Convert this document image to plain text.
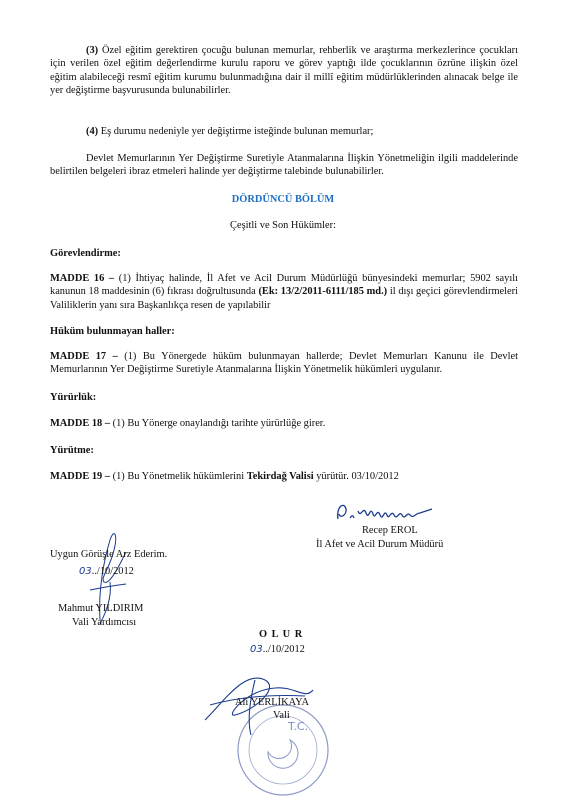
(3) Özel eğitim gerektiren çocuğu bulunan memurlar, rehberlik ve araştırma merkezlerince çocukları için verilen özel eğitim değerlendirme kurulu raporu ve görev yaptığı ilde çocuklarının özrüne ilişkin özel eğitim alabileceği resmî eğitim kurumu bulunmadığına dair il millî eğitim müdürlüklerinden alınacak belge ile yer değiştirme başvurusunda bulunabilirler.
(4) Eş durumu nedeniyle yer değiştirme isteğinde bulunan memurlar;
Devlet Memurlarının Yer Değiştirme Suretiyle Atanmalarına İlişkin Yönetmeliğin ilgili maddelerinde belirtilen belgeleri ibraz etmeleri halinde yer değiştirme talebinde bulunabilirler.
DÖRDÜNCÜ BÖLÜM
Çeşitli ve Son Hükümler:
Görevlendirme:
MADDE 16 – (1) İhtiyaç halinde, İl Afet ve Acil Durum Müdürlüğü bünyesindeki memurlar; 5902 sayılı kanunun 18 maddesinin (6) fıkrası doğrultusunda (Ek: 13/2/2011-6111/185 md.) il dışı geçici görevlendirmeleri Valiliklerin yanı sıra Başkanlıkça resen de yapılabilir
Hüküm bulunmayan haller:
MADDE 17 – (1) Bu Yönergede hüküm bulunmayan hallerde; Devlet Memurları Kanunu ile Devlet Memurlarının Yer Değiştirme Suretiyle Atanmalarına İlişkin Yönetmelik hükümleri uygulanır.
Yürürlük:
MADDE 18 – (1) Bu Yönerge onaylandığı tarihte yürürlüğe girer.
Yürütme:
MADDE 19 – (1) Bu Yönetmelik hükümlerini Tekirdağ Valisi yürütür. 03/10/2012
Recep EROL
İl Afet ve Acil Durum Müdürü
Uygun Görüşle Arz Ederim.
03../10/2012
Mahmut YILDIRIM
Vali Yardımcısı
O L U R
03../10/2012
T.C.
Ali YERLİKAYA
Vali
